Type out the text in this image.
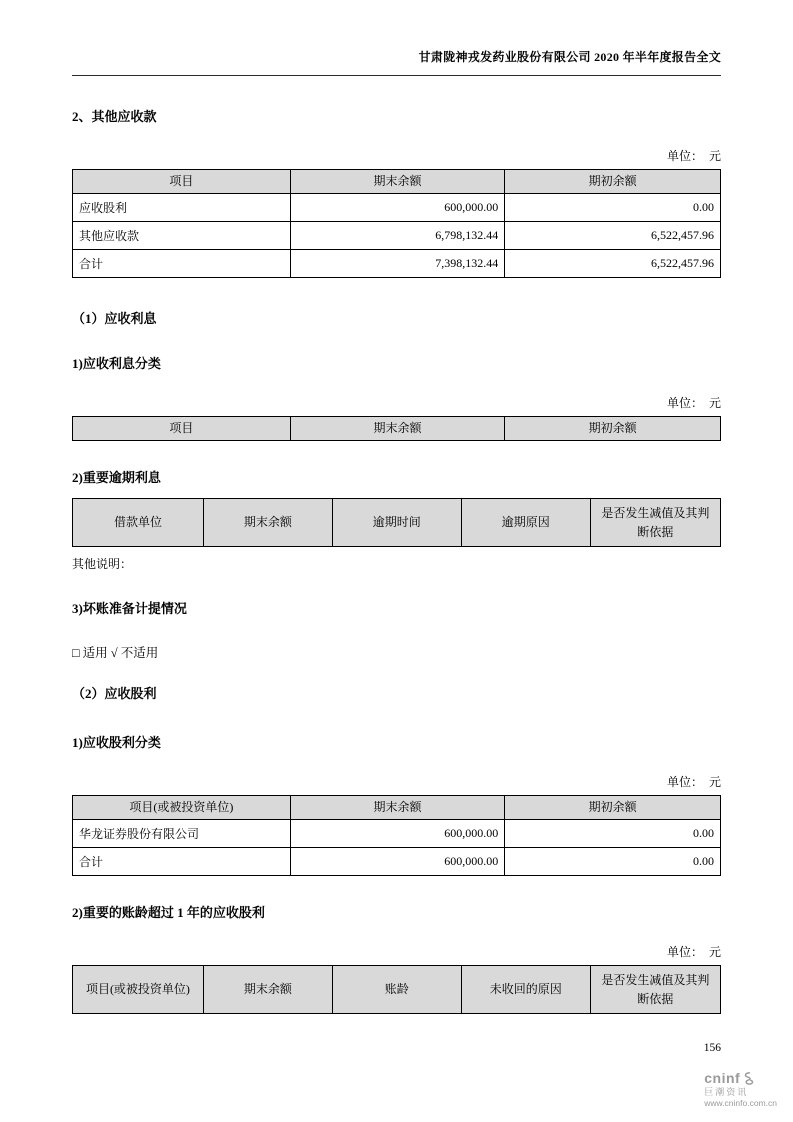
甘肃陇神戎发药业股份有限公司 2020 年半年度报告全文
2、其他应收款
单位：　元
项目	期末余额	期初余额
应收股利	600,000.00	0.00
其他应收款	6,798,132.44	6,522,457.96
合计	7,398,132.44	6,522,457.96
（1）应收利息
1)应收利息分类
单位：　元
项目	期末余额	期初余额
2)重要逾期利息
借款单位	期末余额	逾期时间	逾期原因	是否发生减值及其判断依据
其他说明：
3)坏账准备计提情况
□ 适用 √ 不适用
（2）应收股利
1)应收股利分类
单位：　元
项目(或被投资单位)	期末余额	期初余额
华龙证券股份有限公司	600,000.00	0.00
合计	600,000.00	0.00
2)重要的账龄超过 1 年的应收股利
单位：　元
项目(或被投资单位)	期末余额	账龄	未收回的原因	是否发生减值及其判断依据
156
cninf
巨潮资讯
www.cninfo.com.cn
